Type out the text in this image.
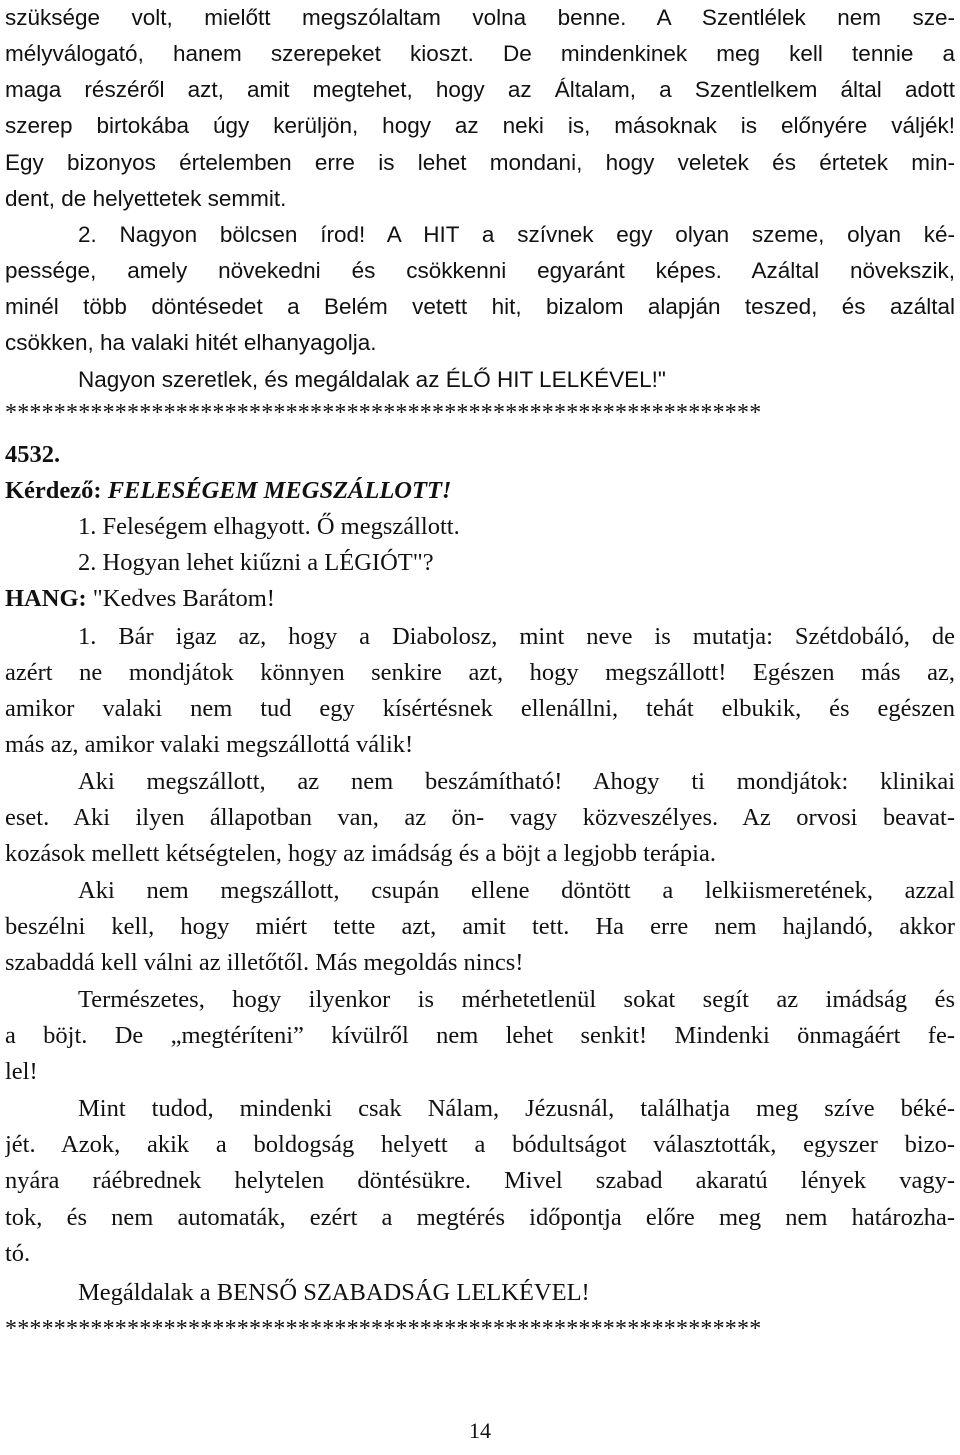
szüksége volt, mielőtt megszólaltam volna benne. A Szentlélek nem sze-
mélyválogató, hanem szerepeket kioszt. De mindenkinek meg kell tennie a
maga részéről azt, amit megtehet, hogy az Általam, a Szentlelkem által adott
szerep birtokába úgy kerüljön, hogy az neki is, másoknak is előnyére váljék!
Egy bizonyos értelemben erre is lehet mondani, hogy veletek és értetek min-
dent, de helyettetek semmit.
2. Nagyon bölcsen írod! A HIT a szívnek egy olyan szeme, olyan ké-
pessége, amely növekedni és csökkenni egyaránt képes. Azáltal növekszik,
minél több döntésedet a Belém vetett hit, bizalom alapján teszed, és azáltal
csökken, ha valaki hitét elhanyagolja.
Nagyon szeretlek, és megáldalak az ÉLŐ HIT LELKÉVEL!"
**************************************************************
4532.
Kérdező: FELESÉGEM MEGSZÁLLOTT!
1. Feleségem elhagyott. Ő megszállott.
2. Hogyan lehet kiűzni a LÉGIÓT"?
HANG: "Kedves Barátom!
1. Bár igaz az, hogy a Diabolosz, mint neve is mutatja: Szétdobáló, de
azért ne mondjátok könnyen senkire azt, hogy megszállott! Egészen más az,
amikor valaki nem tud egy kísértésnek ellenállni, tehát elbukik, és egészen
más az, amikor valaki megszállottá válik!
Aki megszállott, az nem beszámítható! Ahogy ti mondjátok: klinikai
eset. Aki ilyen állapotban van, az ön- vagy közveszélyes. Az orvosi beavat-
kozások mellett kétségtelen, hogy az imádság és a böjt a legjobb terápia.
Aki nem megszállott, csupán ellene döntött a lelkiismeretének, azzal
beszélni kell, hogy miért tette azt, amit tett. Ha erre nem hajlandó, akkor
szabaddá kell válni az illetőtől. Más megoldás nincs!
Természetes, hogy ilyenkor is mérhetetlenül sokat segít az imádság és
a böjt. De „megtéríteni” kívülről nem lehet senkit! Mindenki önmagáért fe-
lel!
Mint tudod, mindenki csak Nálam, Jézusnál, találhatja meg szíve béké-
jét. Azok, akik a boldogság helyett a bódultságot választották, egyszer bizo-
nyára ráébrednek helytelen döntésükre. Mivel szabad akaratú lények vagy-
tok, és nem automaták, ezért a megtérés időpontja előre meg nem határozha-
tó.
Megáldalak a BENSŐ SZABADSÁG LELKÉVEL!
**************************************************************
14
